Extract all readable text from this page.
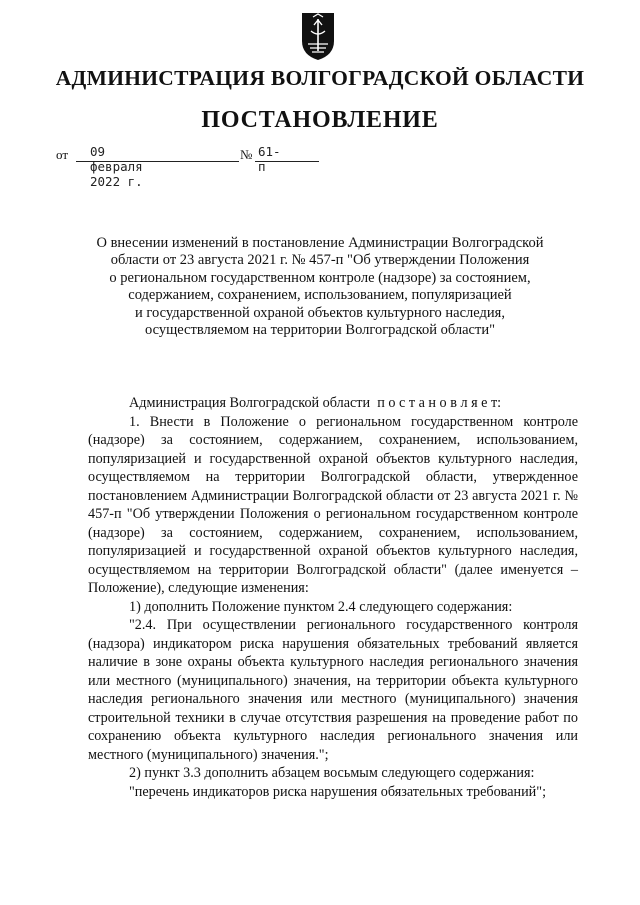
АДМИНИСТРАЦИЯ ВОЛГОГРАДСКОЙ ОБЛАСТИ
ПОСТАНОВЛЕНИЕ
от 09 февраля 2022 г.
№ 61-п
О внесении изменений в постановление Администрации Волгоградской
области от 23 августа 2021 г. № 457-п "Об утверждении Положения
о региональном государственном контроле (надзоре) за состоянием,
содержанием, сохранением, использованием, популяризацией
и государственной охраной объектов культурного наследия,
осуществляемом на территории Волгоградской области"
Администрация Волгоградской области п о с т а н о в л я е т:
1. Внести в Положение о региональном государственном контроле (надзоре) за состоянием, содержанием, сохранением, использованием, популяризацией и государственной охраной объектов культурного наследия, осуществляемом на территории Волгоградской области, утвержденное постановлением Администрации Волгоградской области от 23 августа 2021 г. № 457-п "Об утверждении Положения о региональном государственном контроле (надзоре) за состоянием, содержанием, сохранением, использованием, популяризацией и государственной охраной объектов культурного наследия, осуществляемом на территории Волгоградской области" (далее именуется – Положение), следующие изменения:
1) дополнить Положение пунктом 2.4 следующего содержания:
"2.4. При осуществлении регионального государственного контроля (надзора) индикатором риска нарушения обязательных требований является наличие в зоне охраны объекта культурного наследия регионального значения или местного (муниципального) значения, на территории объекта культурного наследия регионального значения или местного (муниципального) значения строительной техники в случае отсутствия разрешения на проведение работ по сохранению объекта культурного наследия регионального значения или местного (муниципального) значения.";
2) пункт 3.3 дополнить абзацем восьмым следующего содержания:
"перечень индикаторов риска нарушения обязательных требований";
